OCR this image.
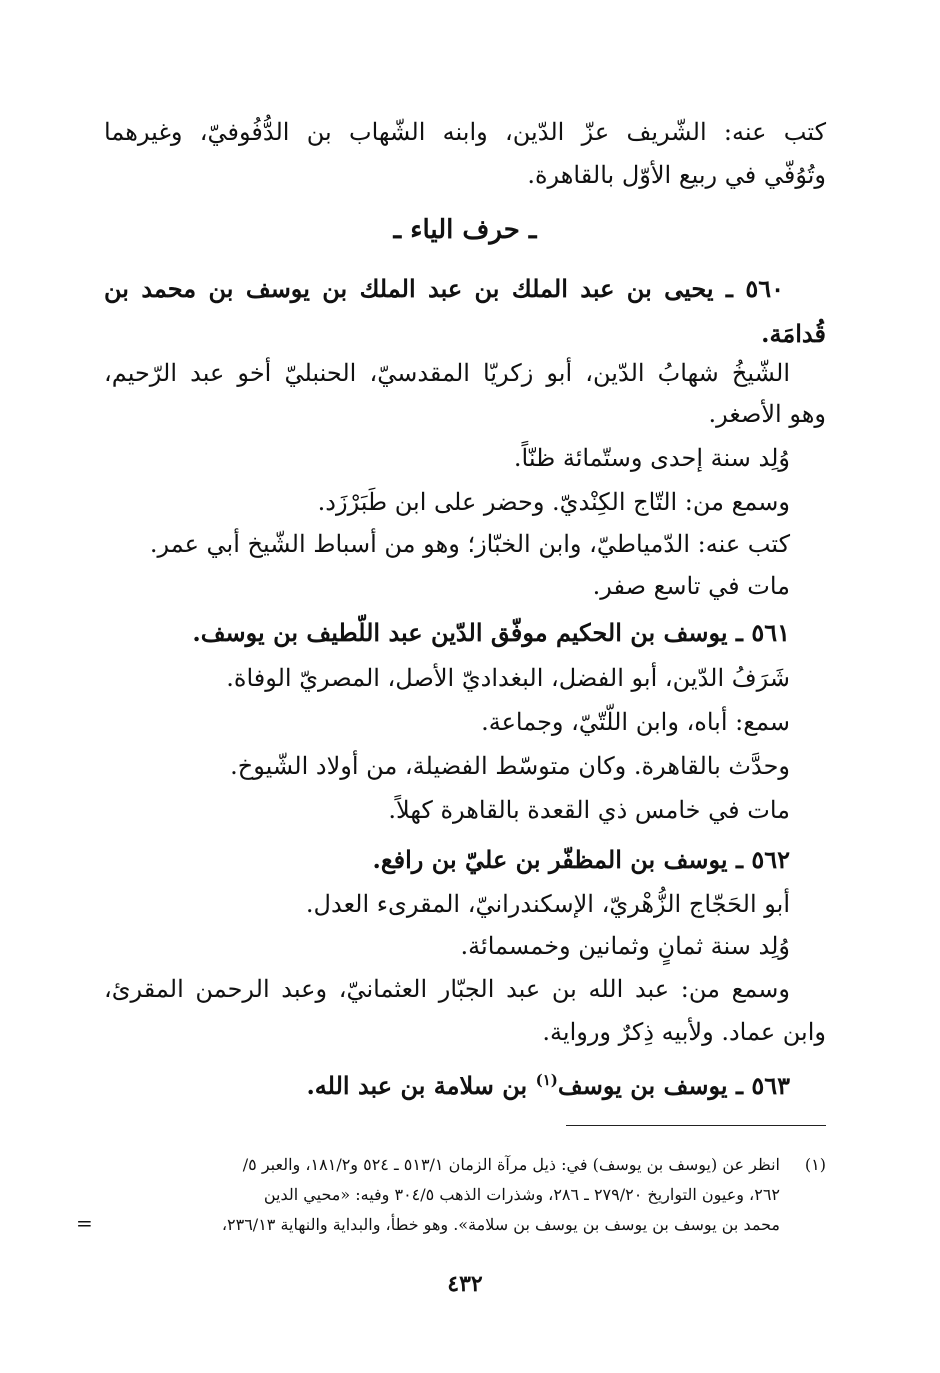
كتب عنه: الشّريف عزّ الدّين، وابنه الشّهاب بن الدُّفُوفيّ، وغيرهما
وتُوُفّي في ربيع الأوّل بالقاهرة.
ـ حرف الياء ـ
٥٦٠ ـ يحيى بن عبد الملك بن عبد الملك بن يوسف بن محمد بن
قُدامَة.
الشّيخُ شهابُ الدّين، أبو زكريّا المقدسيّ، الحنبليّ أخو عبد الرّحيم،
وهو الأصغر.
وُلِد سنة إحدى وستّمائة ظنّاً.
وسمع من: التّاج الكِنْديّ. وحضر على ابن طَبَرْزَد.
كتب عنه: الدّمياطيّ، وابن الخبّاز؛ وهو من أسباط الشّيخ أبي عمر.
مات في تاسع صفر.
٥٦١ ـ يوسف بن الحكيم موفّق الدّين عبد اللّطيف بن يوسف.
شَرَفُ الدّين، أبو الفضل، البغداديّ الأصل، المصريّ الوفاة.
سمع: أباه، وابن اللّتّيّ، وجماعة.
وحدَّث بالقاهرة. وكان متوسّط الفضيلة، من أولاد الشّيوخ.
مات في خامس ذي القعدة بالقاهرة كهلاً.
٥٦٢ ـ يوسف بن المظفّر بن عليّ بن رافع.
أبو الحَجّاج الزُّهْريّ، الإسكندرانيّ، المقرىء العدل.
وُلِد سنة ثمانٍ وثمانين وخمسمائة.
وسمع من: عبد الله بن عبد الجبّار العثمانيّ، وعبد الرحمن المقرئ،
وابن عماد. ولأبيه ذِكرٌ ورواية.
٥٦٣ ـ يوسف بن يوسف$^{(١)}$ بن سلامة بن عبد الله.
(١)
انظر عن (يوسف بن يوسف) في: ذيل مرآة الزمان ٥١٣/١ ـ ٥٢٤ و١٨١/٢، والعبر ٥/
٢٦٢، وعيون التواريخ ٢٧٩/٢٠ ـ ٢٨٦، وشذرات الذهب ٣٠٤/٥ وفيه: «محيي الدين
محمد بن يوسف بن يوسف بن يوسف بن سلامة». وهو خطأ، والبداية والنهاية ٢٣٦/١٣،
=
٤٣٢
